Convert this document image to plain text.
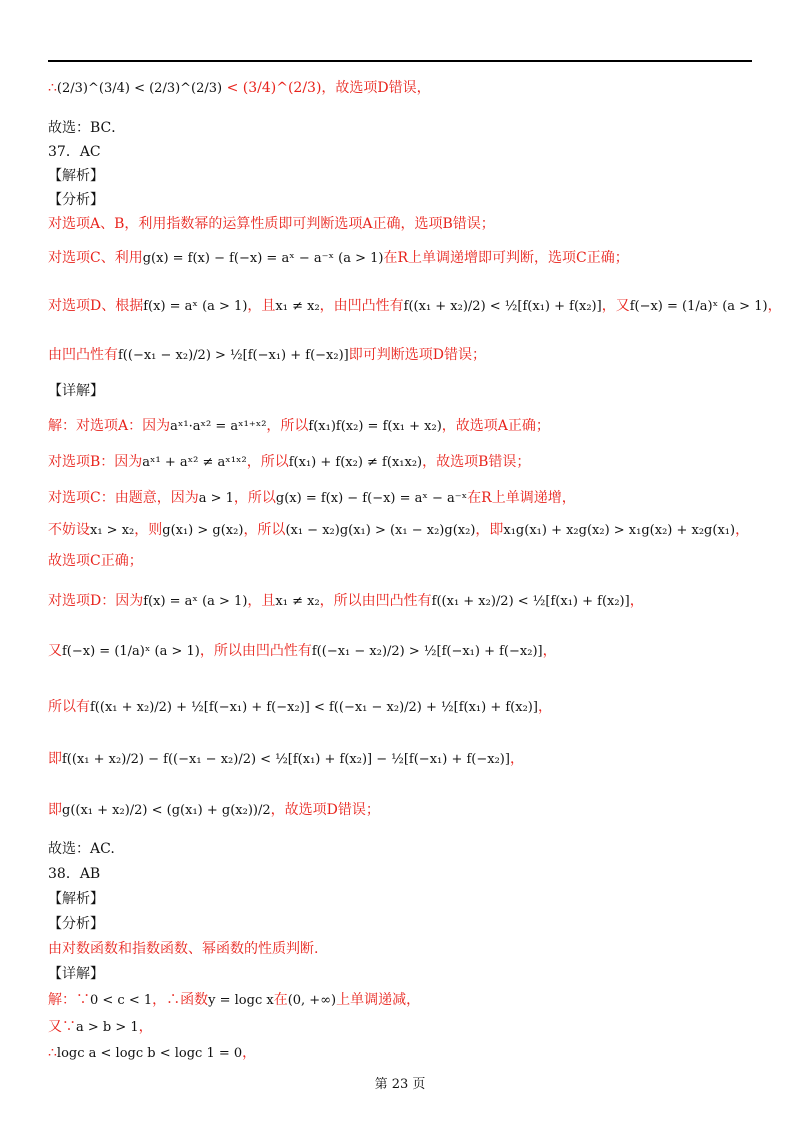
∴(2/3)^(3/4) < (2/3)^(2/3) < (3/4)^(2/3)，故选项D错误，
故选：BC．
37．AC
【解析】
【分析】
对选项A、B，利用指数幂的运算性质即可判断选项A正确，选项B错误；
对选项C、利用g(x) = f(x) − f(−x) = aˣ − a⁻ˣ (a > 1)在R上单调递增即可判断，选项C正确；
由凹凸性有f((−x₁ − x₂)/2) > ½[f(−x₁) + f(−x₂)]即可判断选项D错误；
【详解】
故选项C正确；
所以有f((x₁ + x₂)/2) + ½[f(−x₁) + f(−x₂)] < f((−x₁ − x₂)/2) + ½[f(x₁) + f(x₂)]，
即f((x₁ + x₂)/2) − f((−x₁ − x₂)/2) < ½[f(x₁) + f(x₂)] − ½[f(−x₁) + f(−x₂)]，
即g((x₁ + x₂)/2) < (g(x₁) + g(x₂))/2，故选项D错误；
故选：AC.
38．AB
【解析】
【分析】
由对数函数和指数函数、幂函数的性质判断.
【详解】
又∵a > b > 1，
∴logc a < logc b < logc 1 = 0，
对选项D、根据f(x) = aˣ (a > 1)，且x₁ ≠ x₂，由凹凸性有f((x₁ + x₂)/2) < ½[f(x₁) + f(x₂)]，又f(−x) = (1/a)ˣ (a > 1)，
解：对选项A：因为aˣ¹·aˣ² = aˣ¹⁺ˣ²，所以f(x₁)f(x₂) = f(x₁ + x₂)，故选项A正确；
对选项B：因为aˣ¹ + aˣ² ≠ aˣ¹ˣ²，所以f(x₁) + f(x₂) ≠ f(x₁x₂)，故选项B错误；
对选项C：由题意，因为a > 1，所以g(x) = f(x) − f(−x) = aˣ − a⁻ˣ在R上单调递增，
不妨设x₁ > x₂，则g(x₁) > g(x₂)，所以(x₁ − x₂)g(x₁) > (x₁ − x₂)g(x₂)，即x₁g(x₁) + x₂g(x₂) > x₁g(x₂) + x₂g(x₁)，
对选项D：因为f(x) = aˣ (a > 1)，且x₁ ≠ x₂，所以由凹凸性有f((x₁ + x₂)/2) < ½[f(x₁) + f(x₂)]，
又f(−x) = (1/a)ˣ (a > 1)，所以由凹凸性有f((−x₁ − x₂)/2) > ½[f(−x₁) + f(−x₂)]，
解：∵0 < c < 1，∴函数y = logc x在(0, +∞)上单调递减，
第 23 页
